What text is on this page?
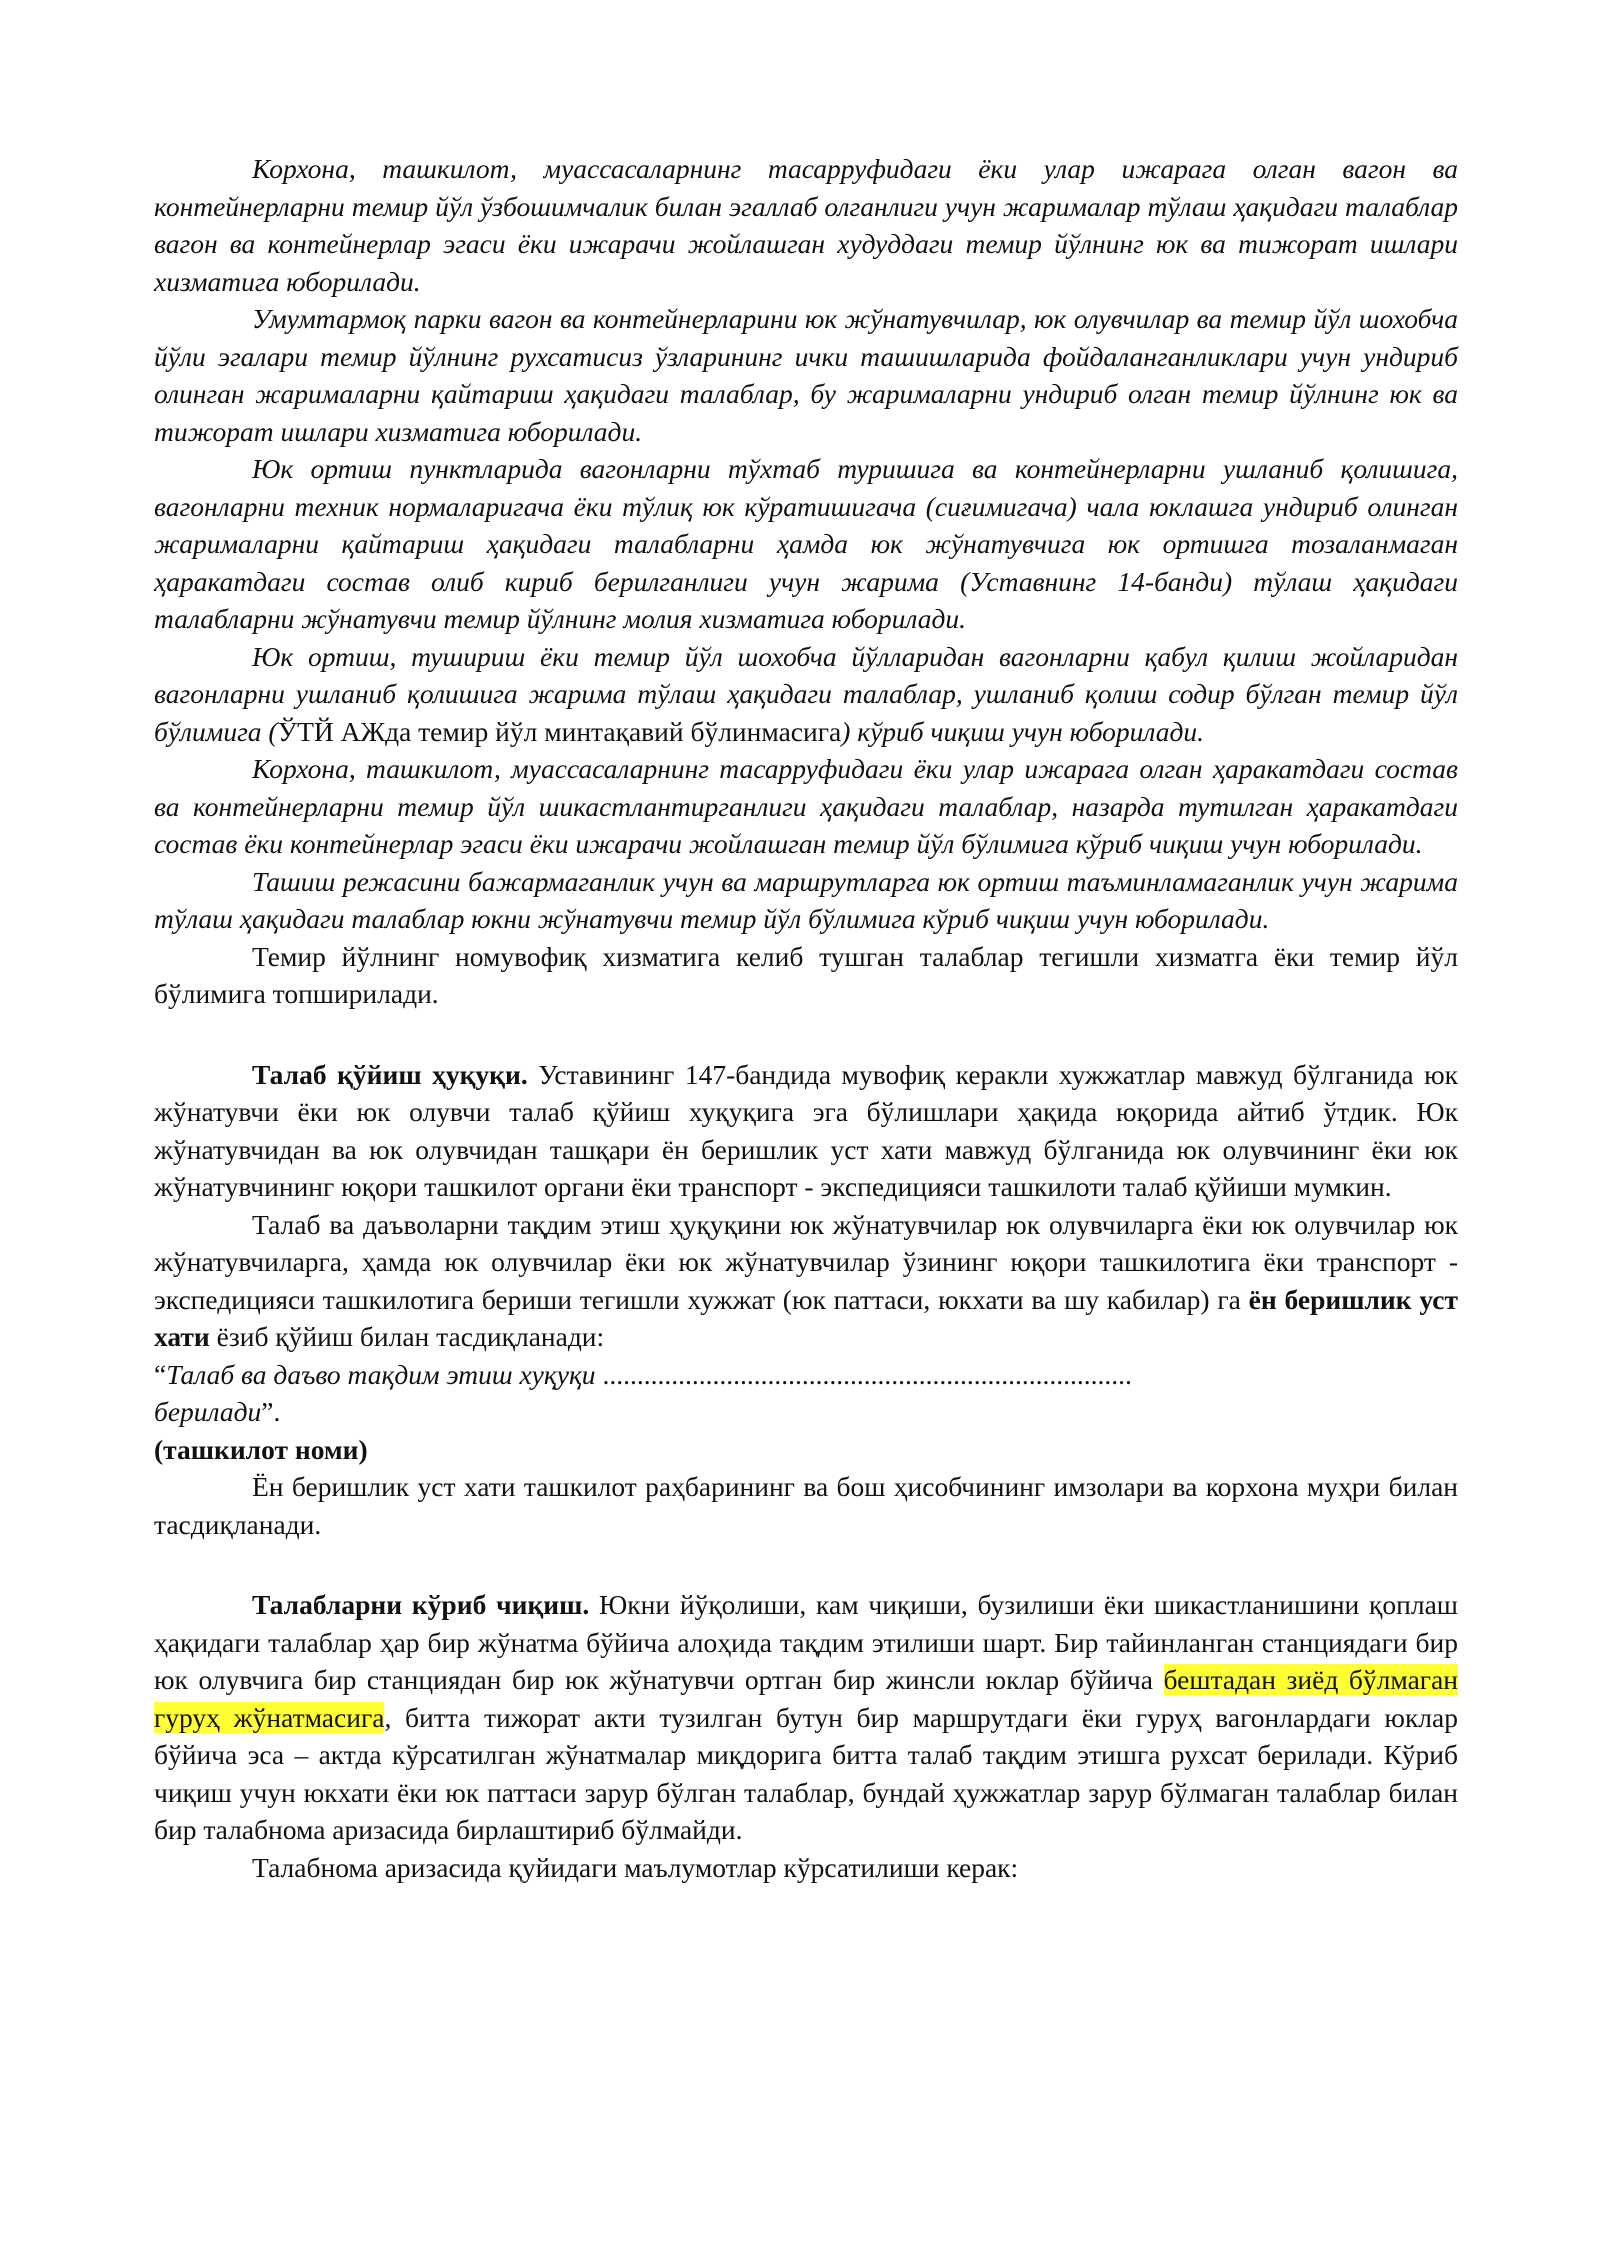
Корхона, ташкилот, муассасаларнинг тасарруфидаги ёки улар ижарага олган вагон ва контейнерларни темир йўл ўзбошимчалик билан эгаллаб олганлиги учун жарималар тўлаш ҳақидаги талаблар вагон ва контейнерлар эгаси ёки ижарачи жойлашган худуддаги темир йўлнинг юк ва тижорат ишлари хизматига юборилади.

Умумтармоқ парки вагон ва контейнерларини юк жўнатувчилар, юк олувчилар ва темир йўл шохобча йўли эгалари темир йўлнинг рухсатисиз ўзларининг ички ташишларида фойдаланганликлари учун ундириб олинган жарималарни қайтариш ҳақидаги талаблар, бу жарималарни ундириб олган темир йўлнинг юк ва тижорат ишлари хизматига юборилади.

Юк ортиш пунктларида вагонларни тўхтаб туришига ва контейнерларни ушланиб қолишига, вагонларни техник нормаларигача ёки тўлиқ юк кўратишигача (сиғимигача) чала юклашга ундириб олинган жарималарни қайтариш ҳақидаги талабларни ҳамда юк жўнатувчига юк ортишга тозаланмаган ҳаракатдаги состав олиб кириб берилганлиги учун жарима (Уставнинг 14-банди) тўлаш ҳақидаги талабларни жўнатувчи темир йўлнинг молия хизматига юборилади.

Юк ортиш, тушириш ёки темир йўл шохобча йўлларидан вагонларни қабул қилиш жойларидан вагонларни ушланиб қолишига жарима тўлаш ҳақидаги талаблар, ушланиб қолиш содир бўлган темир йўл бўлимига (ЎТЙ АЖда темир йўл минтақавий бўлинмасига) кўриб чиқиш учун юборилади.

Корхона, ташкилот, муассасаларнинг тасарруфидаги ёки улар ижарага олган ҳаракатдаги состав ва контейнерларни темир йўл шикастлантирганлиги ҳақидаги талаблар, назарда тутилган ҳаракатдаги состав ёки контейнерлар эгаси ёки ижарачи жойлашган темир йўл бўлимига кўриб чиқиш учун юборилади.

Ташиш режасини бажармаганлик учун ва маршрутларга юк ортиш таъминламаганлик учун жарима тўлаш ҳақидаги талаблар юкни жўнатувчи темир йўл бўлимига кўриб чиқиш учун юборилади.

Темир йўлнинг номувофиқ хизматига келиб тушган талаблар тегишли хизматга ёки темир йўл бўлимига топширилади.

Талаб қўйиш ҳуқуқи. Уставининг 147-бандида мувофиқ керакли хужжатлар мавжуд бўлганида юк жўнатувчи ёки юк олувчи талаб қўйиш хуқуқига эга бўлишлари ҳақида юқорида айтиб ўтдик. Юк жўнатувчидан ва юк олувчидан ташқари ён беришлик уст хати мавжуд бўлганида юк олувчининг ёки юк жўнатувчининг юқори ташкилот органи ёки транспорт - экспедицияси ташкилоти талаб қўйиши мумкин.

Талаб ва даъволарни тақдим этиш ҳуқуқини юк жўнатувчилар юк олувчиларга ёки юк олувчилар юк жўнатувчиларга, ҳамда юк олувчилар ёки юк жўнатувчилар ўзининг юқори ташкилотига ёки транспорт - экспедицияси ташкилотига бериши тегишли хужжат (юк паттаси, юкхати ва шу кабилар) га ён беришлик уст хати ёзиб қўйиш билан тасдиқланади:

“Талаб ва даъво тақдим этиш хуқуқи .............................................................................
берилади”.

(ташкилот номи)

Ён беришлик уст хати ташкилот раҳбарининг ва бош ҳисобчининг имзолари ва корхона муҳри билан тасдиқланади.

Талабларни кўриб чиқиш. Юкни йўқолиши, кам чиқиши, бузилиши ёки шикастланишини қоплаш ҳақидаги талаблар ҳар бир жўнатма бўйича алоҳида тақдим этилиши шарт. Бир тайинланган станциядаги бир юк олувчига бир станциядан бир юк жўнатувчи ортган бир жинсли юклар бўйича бештадан зиёд бўлмаган гуруҳ жўнатмасига, битта тижорат акти тузилган бутун бир маршрутдаги ёки гуруҳ вагонлардаги юклар бўйича эса – актда кўрсатилган жўнатмалар миқдорига битта талаб тақдим этишга рухсат берилади. Кўриб чиқиш учун юкхати ёки юк паттаси зарур бўлган талаблар, бундай ҳужжатлар зарур бўлмаган талаблар билан бир талабнома аризасида бирлаштириб бўлмайди.

Талабнома аризасида қуйидаги маълумотлар кўрсатилиши керак:
